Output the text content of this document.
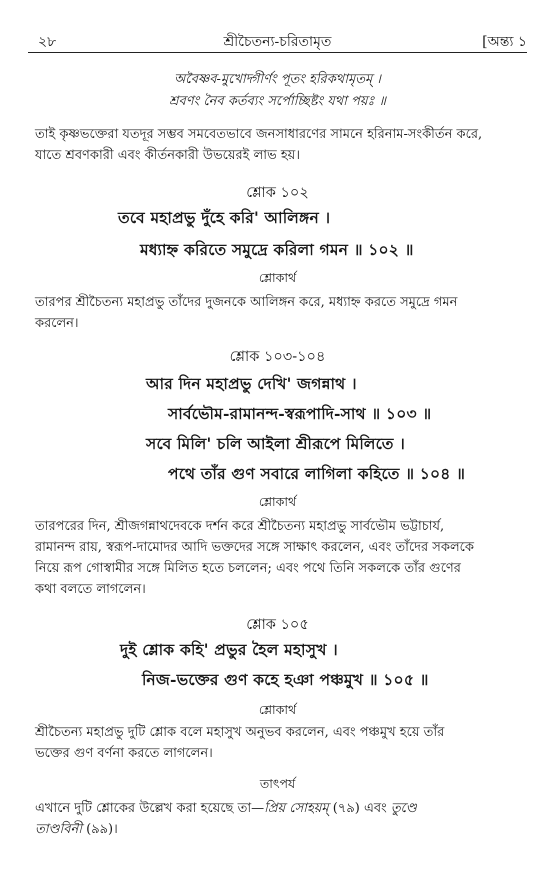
২৮	শ্রীচৈতন্য-চরিতামৃত	[অন্ত্য ১
অবৈষ্ণব-মুখোদ্গীর্ণং পূতং হরিকথামৃতম্‌ ।
শ্রবণং নৈব কর্তব্যং সর্পোচ্ছিষ্টং যথা পয়ঃ ॥
তাই কৃষ্ণভক্তেরা যতদূর সম্ভব সমবেতভাবে জনসাধারণের সামনে হরিনাম-সংকীর্তন করে,
যাতে শ্রবণকারী এবং কীর্তনকারী উভয়েরই লাভ হয়।
শ্লোক ১০২
তবে মহাপ্রভু দুঁহে করি' আলিঙ্গন ।
মধ্যাহ্ন করিতে সমুদ্রে করিলা গমন ॥ ১০২ ॥
শ্লোকার্থ
তারপর শ্রীচৈতন্য মহাপ্রভু তাঁদের দুজনকে আলিঙ্গন করে, মধ্যাহ্ন করতে সমুদ্রে গমন
করলেন।
শ্লোক ১০৩-১০৪
আর দিন মহাপ্রভু দেখি' জগন্নাথ ।
সার্বভৌম-রামানন্দ-স্বরূপাদি-সাথ ॥ ১০৩ ॥
সবে মিলি' চলি আইলা শ্রীরূপে মিলিতে ।
পথে তাঁর গুণ সবারে লাগিলা কহিতে ॥ ১০৪ ॥
শ্লোকার্থ
তারপরের দিন, শ্রীজগন্নাথদেবকে দর্শন করে শ্রীচৈতন্য মহাপ্রভু সার্বভৌম ভট্টাচার্য,
রামানন্দ রায়, স্বরূপ-দামোদর আদি ভক্তদের সঙ্গে সাক্ষাৎ করলেন, এবং তাঁদের সকলকে
নিয়ে রূপ গোস্বামীর সঙ্গে মিলিত হতে চললেন; এবং পথে তিনি সকলকে তাঁর গুণের
কথা বলতে লাগলেন।
শ্লোক ১০৫
দুই শ্লোক কহি' প্রভুর হৈল মহাসুখ ।
নিজ-ভক্তের গুণ কহে হঞা পঞ্চমুখ ॥ ১০৫ ॥
শ্লোকার্থ
শ্রীচৈতন্য মহাপ্রভু দুটি শ্লোক বলে মহাসুখ অনুভব করলেন, এবং পঞ্চমুখ হয়ে তাঁর
ভক্তের গুণ বর্ণনা করতে লাগলেন।
তাৎপর্য
এখানে দুটি শ্লোকের উল্লেখ করা হয়েছে তা—প্রিয় সোহয়ম্‌ (৭৯) এবং তুণ্ডে
তাণ্ডবিনী (৯৯)।
